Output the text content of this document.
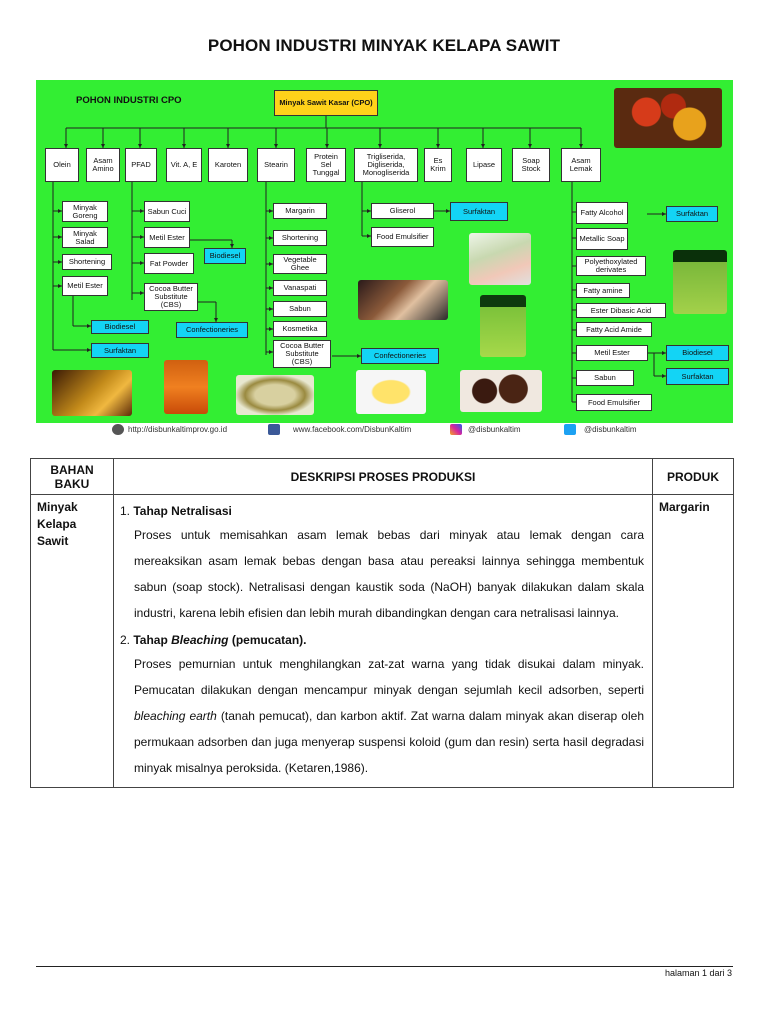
POHON INDUSTRI MINYAK KELAPA SAWIT
POHON INDUSTRI CPO	Minyak Sawit Kasar (CPO)
Olein	Asam Amino	PFAD	Vit. A, E	Karoten	Stearin
Protein Sel Tunggal
Trigliserida, Digliserida, Monogliserida
Es Krim	Lipase	Soap Stock
Asam Lemak
Minyak Goreng
Minyak Salad
Shortening
Metil Ester
Biodiesel
Surfaktan
Sabun Cuci
Metil Ester
Fat Powder
Cocoa Butter Substitute (CBS)
Biodiesel
Confectioneries
Margarin
Shortening
Vegetable Ghee
Vanaspati
Sabun
Kosmetika
Cocoa Butter Substitute (CBS)
Confectioneries
Gliserol
Food Emulsifier
Surfaktan	Fatty Alcohol
Metallic Soap
Polyethoxylated derivates
Fatty amine
Ester Dibasic Acid
Fatty Acid Amide
Metil Ester
Sabun
Food Emulsifier
Surfaktan
Biodiesel
Surfaktan
http://disbunkaltimprov.go.id	www.facebook.com/DisbunKaltim	@disbunkaltim	@disbunkaltim
BAHAN BAKU	DESKRIPSI PROSES PRODUKSI	PRODUK
Minyak Kelapa Sawit	1. Tahap Netralisasi

Proses untuk memisahkan asam lemak bebas dari minyak atau lemak dengan cara mereaksikan asam lemak bebas dengan basa atau pereaksi lainnya sehingga membentuk sabun (soap stock). Netralisasi dengan kaustik soda (NaOH) banyak dilakukan dalam skala industri, karena lebih efisien dan lebih murah dibandingkan dengan cara netralisasi lainnya.

2. Tahap Bleaching (pemucatan).

Proses pemurnian untuk menghilangkan zat-zat warna yang tidak disukai dalam minyak. Pemucatan dilakukan dengan mencampur minyak dengan sejumlah kecil adsorben, seperti bleaching earth (tanah pemucat), dan karbon aktif. Zat warna dalam minyak akan diserap oleh permukaan adsorben dan juga menyerap suspensi koloid (gum dan resin) serta hasil degradasi minyak misalnya peroksida. (Ketaren,1986).	Margarin
halaman 1 dari 3
